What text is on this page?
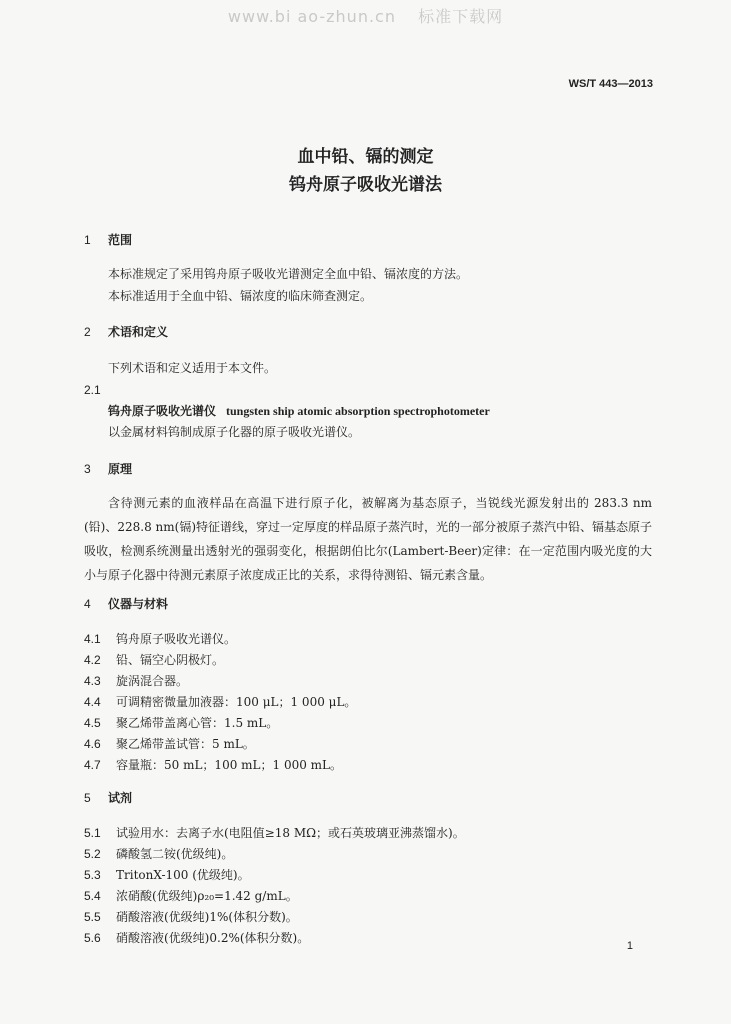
www.bi ao-zhun.cn 标准下载网
WS/T 443—2013
血中铅、镉的测定
钨舟原子吸收光谱法
1 范围
本标准规定了采用钨舟原子吸收光谱测定全血中铅、镉浓度的方法。
本标准适用于全血中铅、镉浓度的临床筛查测定。
2 术语和定义
下列术语和定义适用于本文件。
2.1
钨舟原子吸收光谱仪 tungsten ship atomic absorption spectrophotometer
以金属材料钨制成原子化器的原子吸收光谱仪。
3 原理
含待测元素的血液样品在高温下进行原子化，被解离为基态原子，当锐线光源发射出的 283.3 nm (铅)、228.8 nm(镉)特征谱线，穿过一定厚度的样品原子蒸汽时，光的一部分被原子蒸汽中铅、镉基态原子吸收，检测系统测量出透射光的强弱变化，根据朗伯比尔(Lambert-Beer)定律：在一定范围内吸光度的大小与原子化器中待测元素原子浓度成正比的关系，求得待测铅、镉元素含量。
4 仪器与材料
4.1 钨舟原子吸收光谱仪。
4.2 铅、镉空心阴极灯。
4.3 旋涡混合器。
4.4 可调精密微量加液器：100 μL；1 000 μL。
4.5 聚乙烯带盖离心管：1.5 mL。
4.6 聚乙烯带盖试管：5 mL。
4.7 容量瓶：50 mL；100 mL；1 000 mL。
5 试剂
5.1 试验用水：去离子水(电阻值≥18 MΩ；或石英玻璃亚沸蒸馏水)。
5.2 磷酸氢二铵(优级纯)。
5.3 TritonX-100 (优级纯)。
5.4 浓硝酸(优级纯)ρ₂₀=1.42 g/mL。
5.5 硝酸溶液(优级纯)1%(体积分数)。
5.6 硝酸溶液(优级纯)0.2%(体积分数)。
1
